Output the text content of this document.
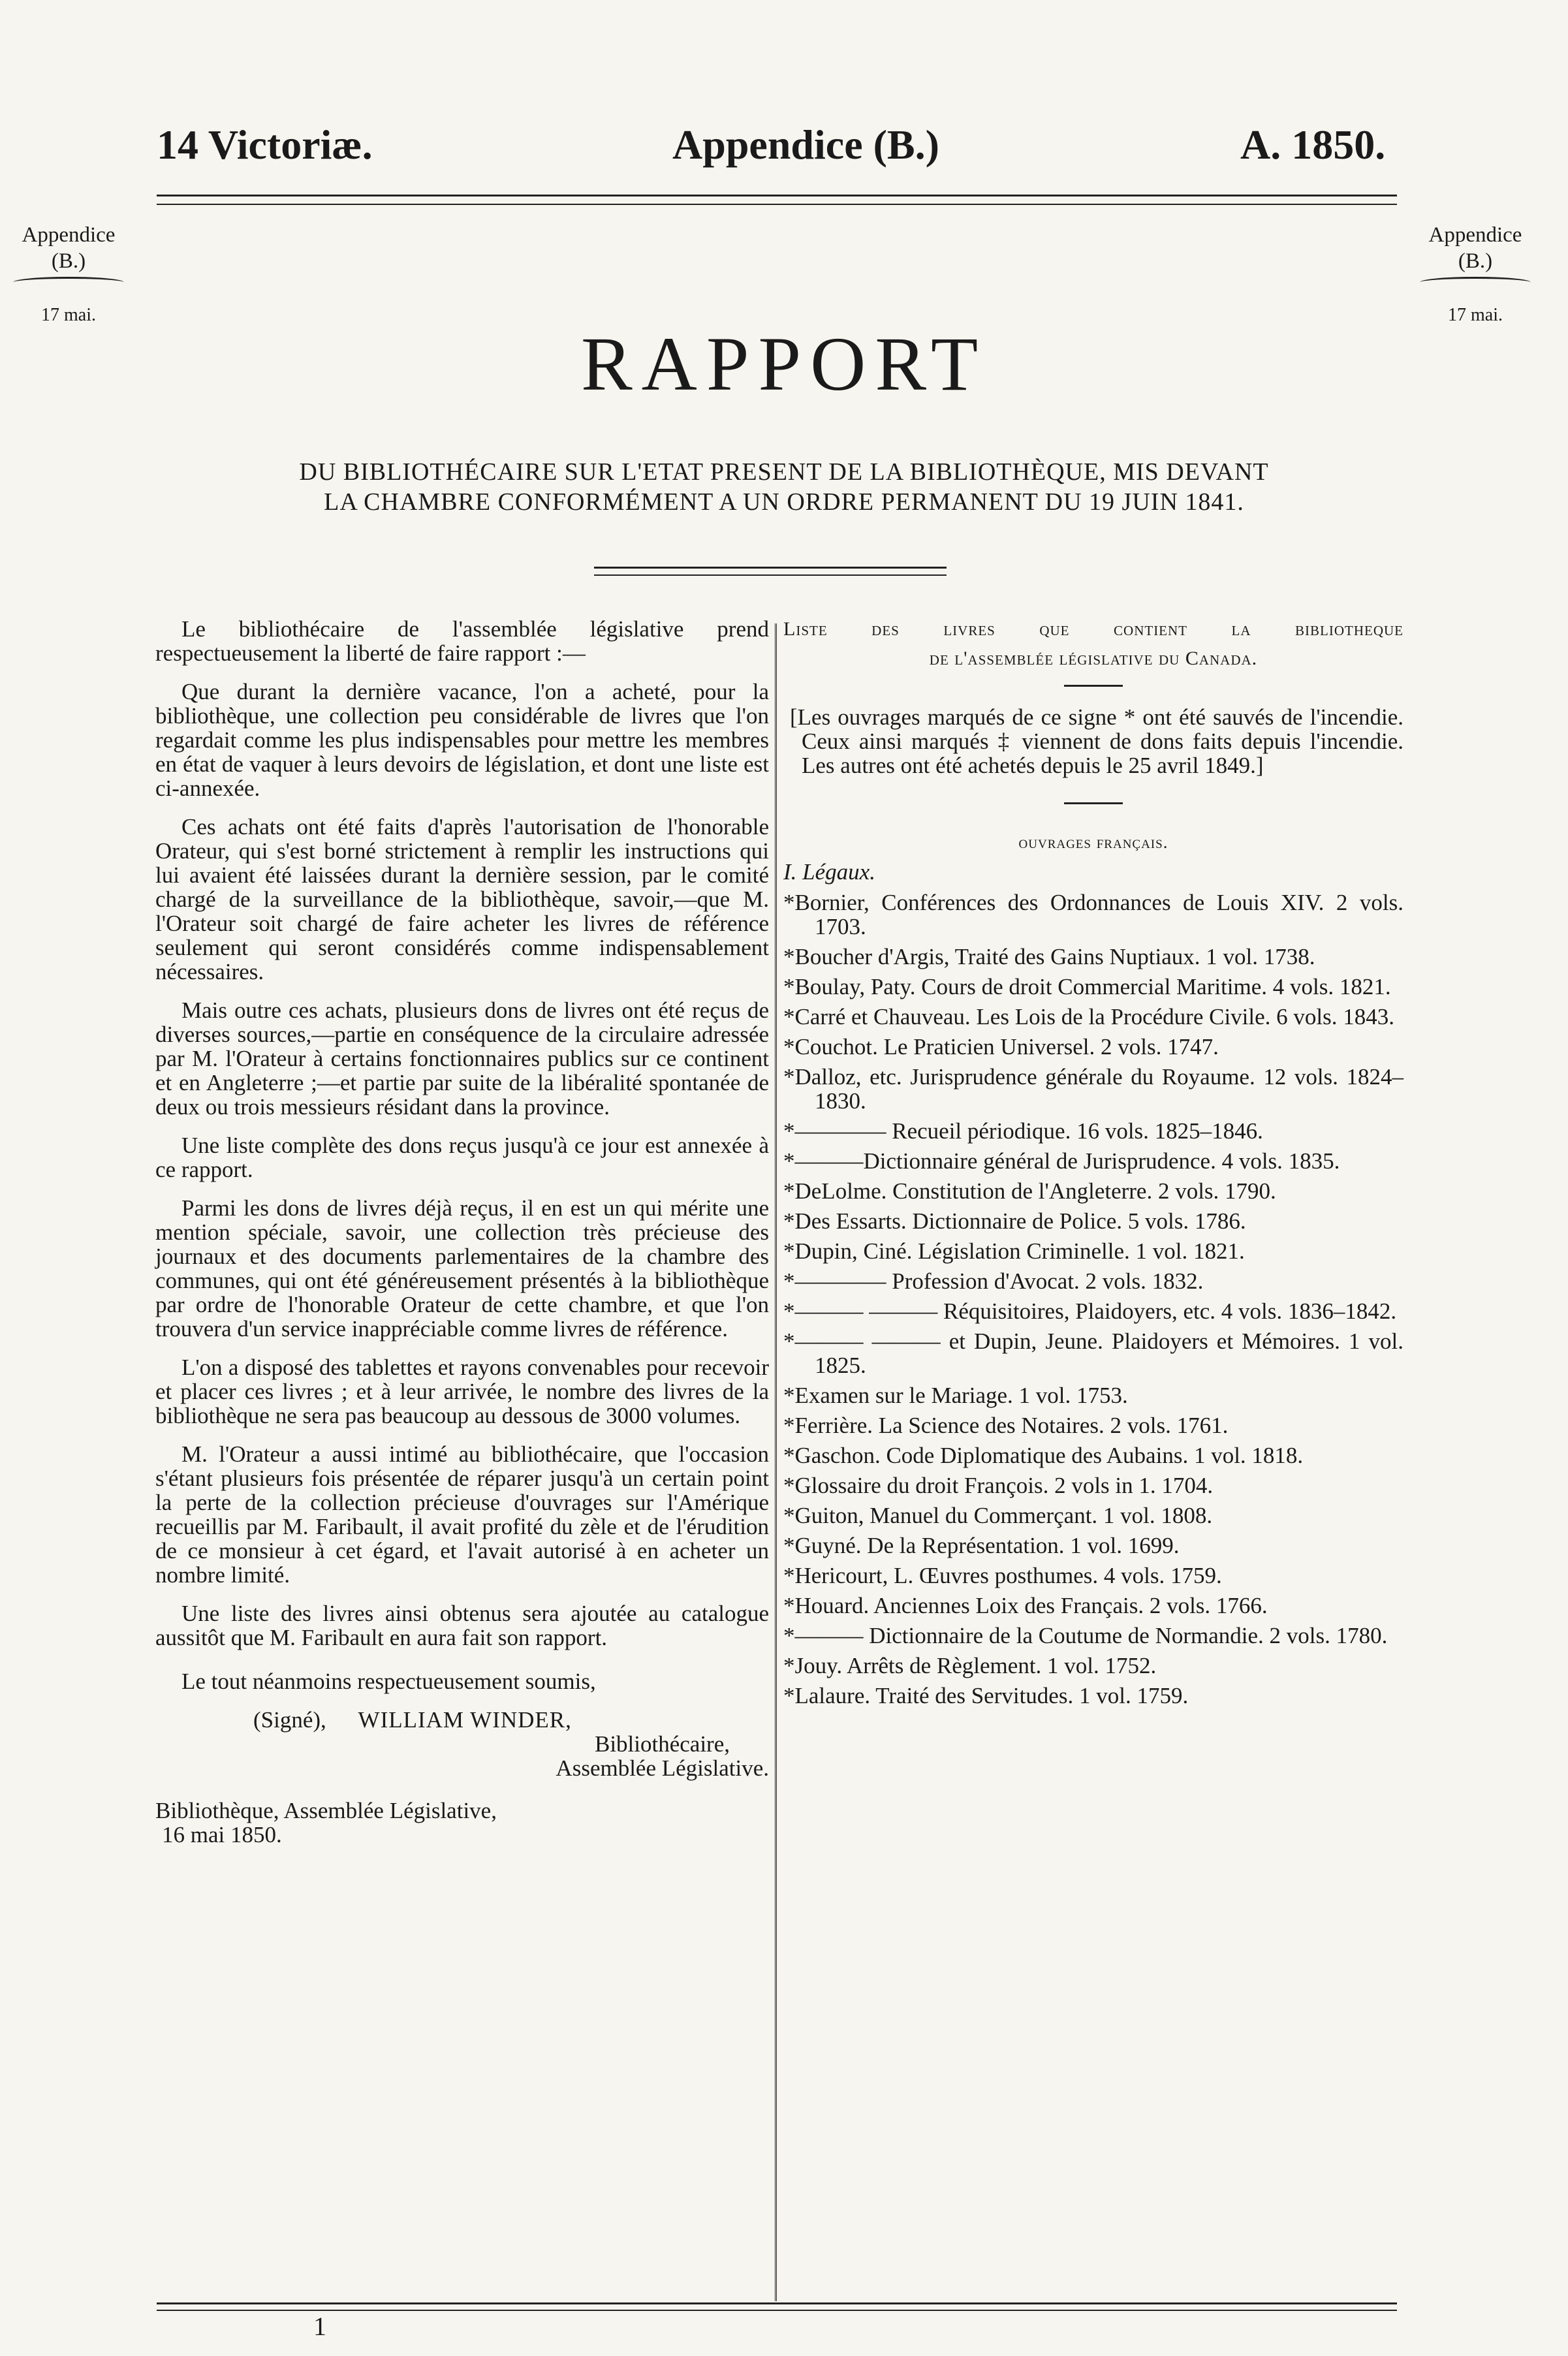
14 Victoriæ.	Appendice (B.)	A. 1850.
Appendice
(B.)
17 mai.
Appendice
(B.)
17 mai.
RAPPORT
DU BIBLIOTHÉCAIRE SUR L'ETAT PRESENT DE LA BIBLIOTHÈQUE, MIS DEVANT
LA CHAMBRE CONFORMÉMENT A UN ORDRE PERMANENT DU 19 JUIN 1841.

Le bibliothécaire de l'assemblée législative prend respectueusement la liberté de faire rapport :—

Que durant la dernière vacance, l'on a acheté, pour la bibliothèque, une collection peu considérable de livres que l'on regardait comme les plus indispensables pour mettre les membres en état de vaquer à leurs devoirs de législation, et dont une liste est ci-annexée.

Ces achats ont été faits d'après l'autorisation de l'honorable Orateur, qui s'est borné strictement à remplir les instructions qui lui avaient été laissées durant la dernière session, par le comité chargé de la surveillance de la bibliothèque, savoir,—que M. l'Orateur soit chargé de faire acheter les livres de référence seulement qui seront considérés comme indispensablement nécessaires.

Mais outre ces achats, plusieurs dons de livres ont été reçus de diverses sources,—partie en conséquence de la circulaire adressée par M. l'Orateur à certains fonctionnaires publics sur ce continent et en Angleterre ;—et partie par suite de la libéralité spontanée de deux ou trois messieurs résidant dans la province.

Une liste complète des dons reçus jusqu'à ce jour est annexée à ce rapport.

Parmi les dons de livres déjà reçus, il en est un qui mérite une mention spéciale, savoir, une collection très précieuse des journaux et des documents parlementaires de la chambre des communes, qui ont été généreusement présentés à la bibliothèque par ordre de l'honorable Orateur de cette chambre, et que l'on trouvera d'un service inappréciable comme livres de référence.

L'on a disposé des tablettes et rayons convenables pour recevoir et placer ces livres ; et à leur arrivée, le nombre des livres de la bibliothèque ne sera pas beaucoup au dessous de 3000 volumes.

M. l'Orateur a aussi intimé au bibliothécaire, que l'occasion s'étant plusieurs fois présentée de réparer jusqu'à un certain point la perte de la collection précieuse d'ouvrages sur l'Amérique recueillis par M. Faribault, il avait profité du zèle et de l'érudition de ce monsieur à cet égard, et l'avait autorisé à en acheter un nombre limité.

Une liste des livres ainsi obtenus sera ajoutée au catalogue aussitôt que M. Faribault en aura fait son rapport.

Le tout néanmoins respectueusement soumis,

(Signé), WILLIAM WINDER,
Bibliothécaire,
Assemblée Législative.
Bibliothèque, Assemblée Législative,
16 mai 1850.
Liste des livres que contient la bibliotheque
de l'assemblée législative du Canada.
[Les ouvrages marqués de ce signe * ont été sauvés de l'incendie. Ceux ainsi marqués ‡ viennent de dons faits depuis l'incendie. Les autres ont été achetés depuis le 25 avril 1849.]
ouvrages français.
I. Légaux.
*Bornier, Conférences des Ordonnances de Louis XIV. 2 vols. 1703.
*Boucher d'Argis, Traité des Gains Nuptiaux. 1 vol. 1738.
*Boulay, Paty. Cours de droit Commercial Maritime. 4 vols. 1821.
*Carré et Chauveau. Les Lois de la Procédure Civile. 6 vols. 1843.
*Couchot. Le Praticien Universel. 2 vols. 1747.
*Dalloz, etc. Jurisprudence générale du Royaume. 12 vols. 1824–1830.
*———— Recueil périodique. 16 vols. 1825–1846.
*———Dictionnaire général de Jurisprudence. 4 vols. 1835.
*DeLolme. Constitution de l'Angleterre. 2 vols. 1790.
*Des Essarts. Dictionnaire de Police. 5 vols. 1786.
*Dupin, Ciné. Législation Criminelle. 1 vol. 1821.
*———— Profession d'Avocat. 2 vols. 1832.
*——— ——— Réquisitoires, Plaidoyers, etc. 4 vols. 1836–1842.
*——— ——— et Dupin, Jeune. Plaidoyers et Mémoires. 1 vol. 1825.
*Examen sur le Mariage. 1 vol. 1753.
*Ferrière. La Science des Notaires. 2 vols. 1761.
*Gaschon. Code Diplomatique des Aubains. 1 vol. 1818.
*Glossaire du droit François. 2 vols in 1. 1704.
*Guiton, Manuel du Commerçant. 1 vol. 1808.
*Guyné. De la Représentation. 1 vol. 1699.
*Hericourt, L. Œuvres posthumes. 4 vols. 1759.
*Houard. Anciennes Loix des Français. 2 vols. 1766.
*——— Dictionnaire de la Coutume de Normandie. 2 vols. 1780.
*Jouy. Arrêts de Règlement. 1 vol. 1752.
*Lalaure. Traité des Servitudes. 1 vol. 1759.
1
